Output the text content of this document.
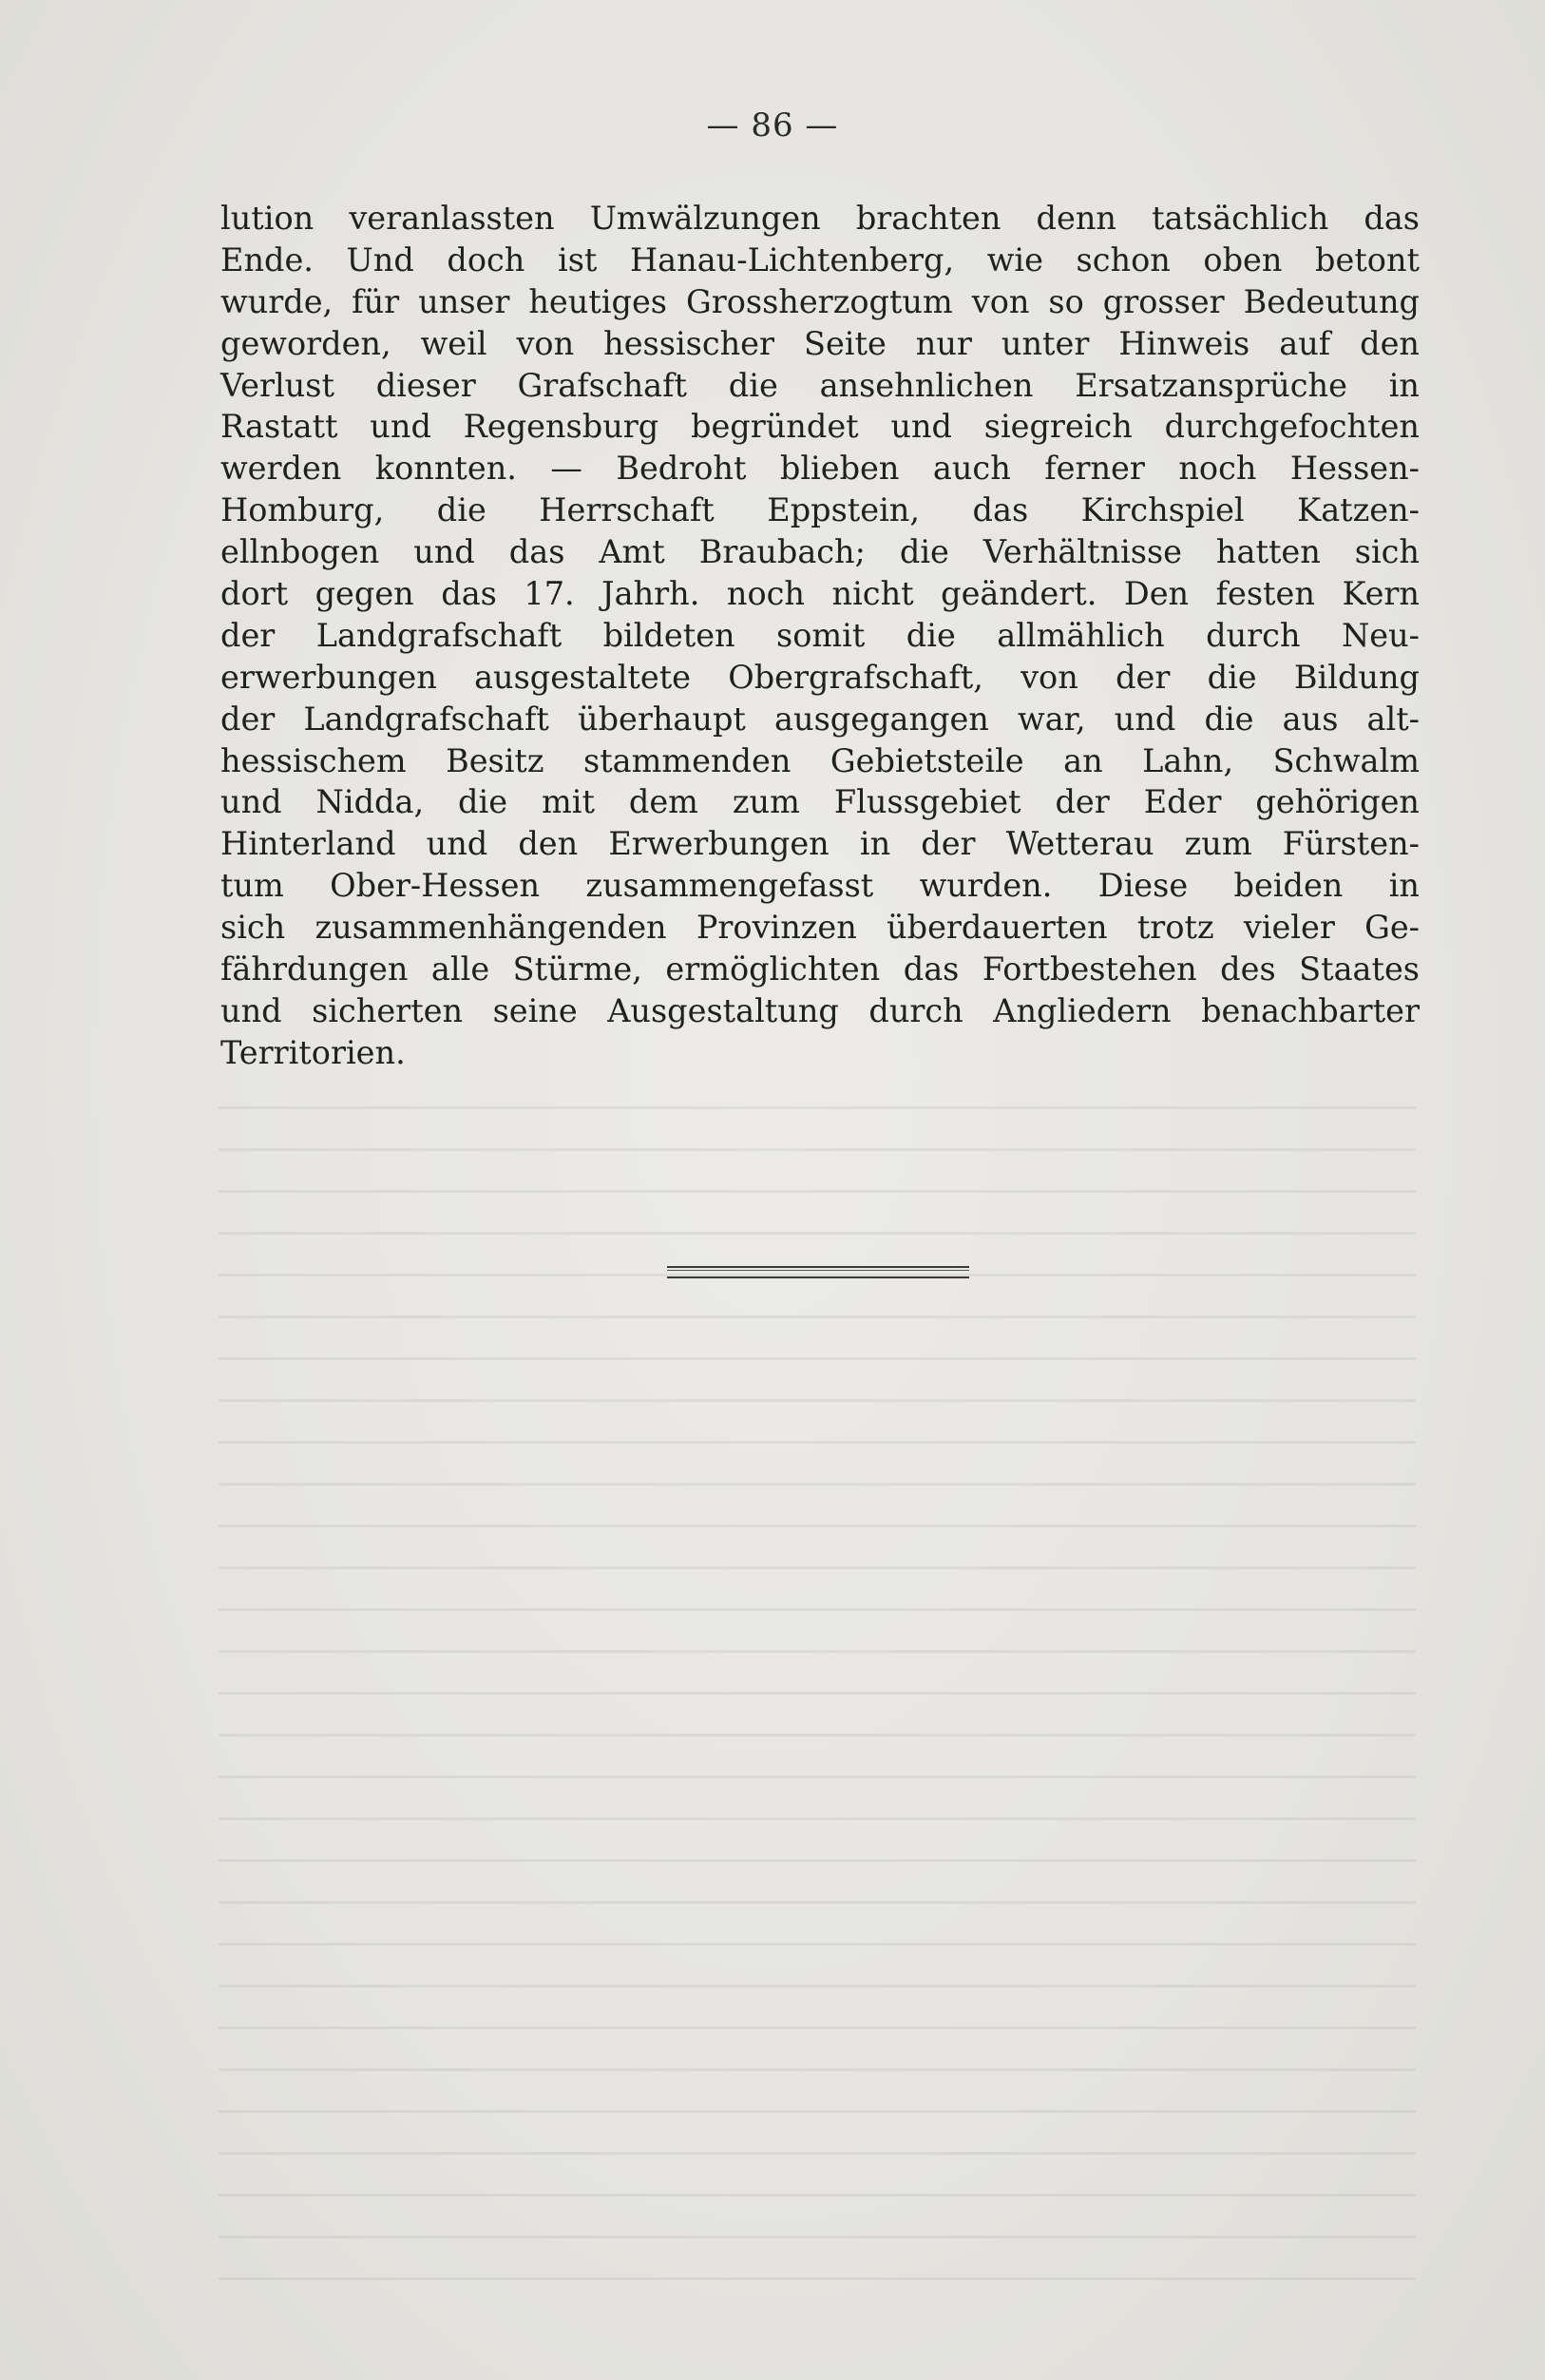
— 86 —
lution veranlassten Umwälzungen brachten denn tatsächlich das
Ende. Und doch ist Hanau-Lichtenberg, wie schon oben betont
wurde, für unser heutiges Grossherzogtum von so grosser Bedeutung
geworden, weil von hessischer Seite nur unter Hinweis auf den
Verlust dieser Grafschaft die ansehnlichen Ersatzansprüche in
Rastatt und Regensburg begründet und siegreich durchgefochten
werden konnten. — Bedroht blieben auch ferner noch Hessen-
Homburg, die Herrschaft Eppstein, das Kirchspiel Katzen-
ellnbogen und das Amt Braubach; die Verhältnisse hatten sich
dort gegen das 17. Jahrh. noch nicht geändert. Den festen Kern
der Landgrafschaft bildeten somit die allmählich durch Neu-
erwerbungen ausgestaltete Obergrafschaft, von der die Bildung
der Landgrafschaft überhaupt ausgegangen war, und die aus alt-
hessischem Besitz stammenden Gebietsteile an Lahn, Schwalm
und Nidda, die mit dem zum Flussgebiet der Eder gehörigen
Hinterland und den Erwerbungen in der Wetterau zum Fürsten-
tum Ober-Hessen zusammengefasst wurden. Diese beiden in
sich zusammenhängenden Provinzen überdauerten trotz vieler Ge-
fährdungen alle Stürme, ermöglichten das Fortbestehen des Staates
und sicherten seine Ausgestaltung durch Angliedern benachbarter
Territorien.
